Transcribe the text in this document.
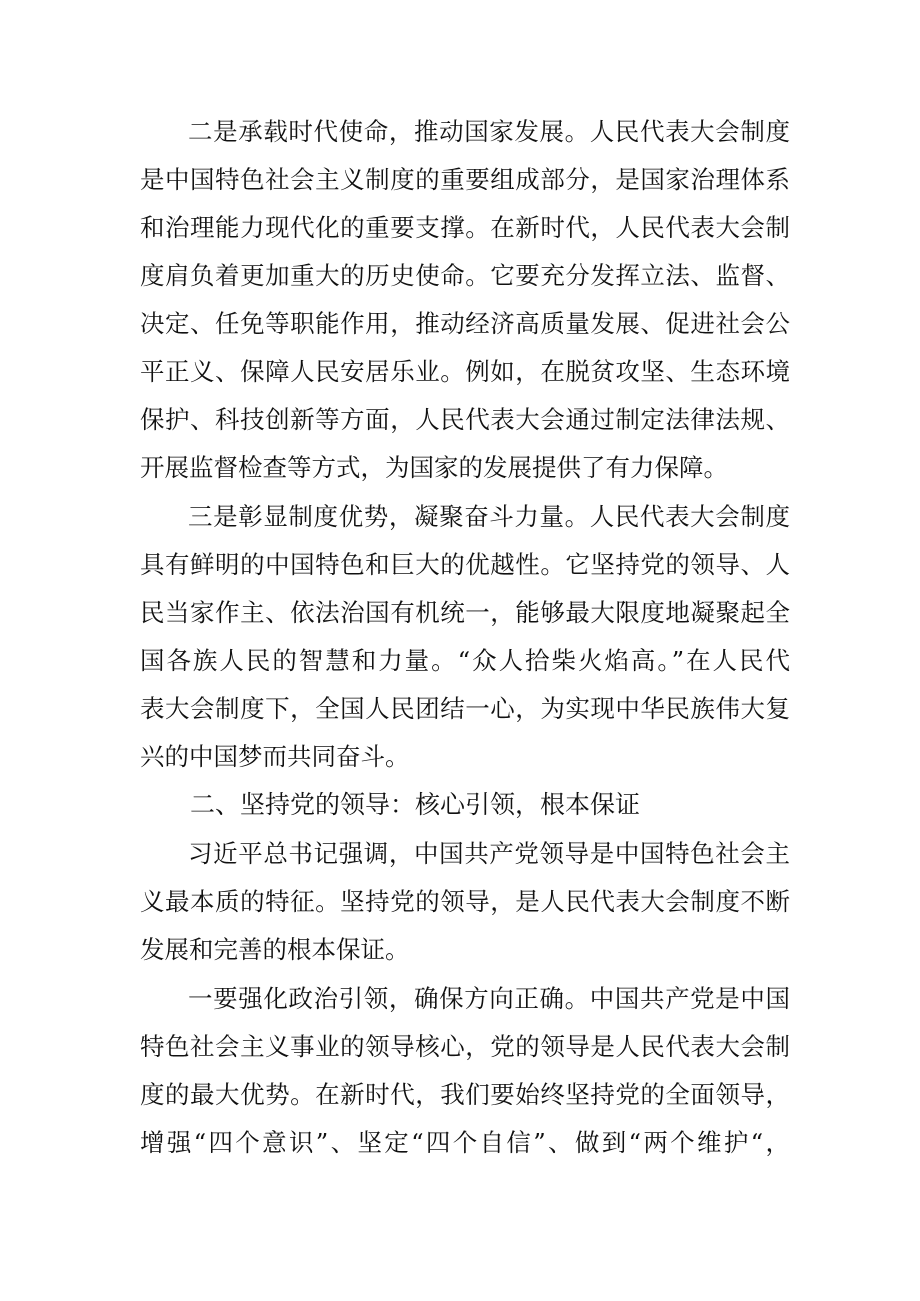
二是承载时代使命，推动国家发展。人民代表大会制度
是中国特色社会主义制度的重要组成部分，是国家治理体系
和治理能力现代化的重要支撑。在新时代，人民代表大会制
度肩负着更加重大的历史使命。它要充分发挥立法、监督、
决定、任免等职能作用，推动经济高质量发展、促进社会公
平正义、保障人民安居乐业。例如，在脱贫攻坚、生态环境
保护、科技创新等方面，人民代表大会通过制定法律法规、
开展监督检查等方式，为国家的发展提供了有力保障。
三是彰显制度优势，凝聚奋斗力量。人民代表大会制度
具有鲜明的中国特色和巨大的优越性。它坚持党的领导、人
民当家作主、依法治国有机统一，能够最大限度地凝聚起全
国各族人民的智慧和力量。“众人拾柴火焰高。”在人民代
表大会制度下，全国人民团结一心，为实现中华民族伟大复
兴的中国梦而共同奋斗。
二、坚持党的领导：核心引领，根本保证
习近平总书记强调，中国共产党领导是中国特色社会主
义最本质的特征。坚持党的领导，是人民代表大会制度不断
发展和完善的根本保证。
一要强化政治引领，确保方向正确。中国共产党是中国
特色社会主义事业的领导核心，党的领导是人民代表大会制
度的最大优势。在新时代，我们要始终坚持党的全面领导，
增强“四个意识”、坚定“四个自信”、做到“两个维护“，
